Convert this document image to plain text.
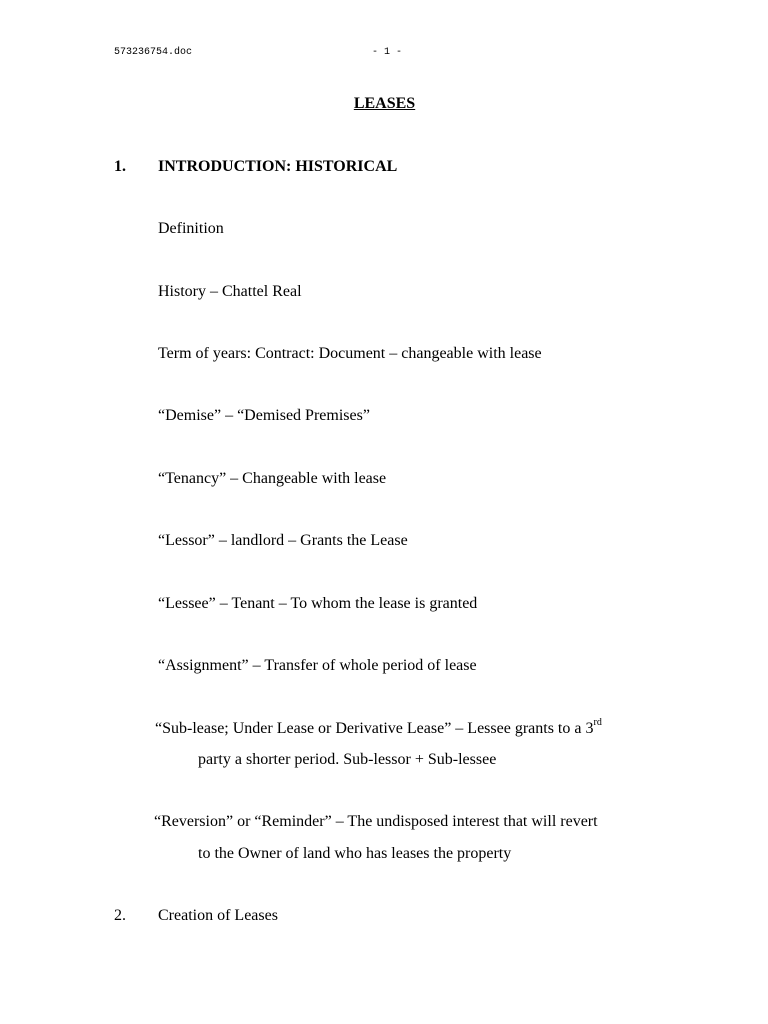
573236754.doc	- 1 -
LEASES
1. INTRODUCTION: HISTORICAL
Definition
History – Chattel Real
Term of years: Contract: Document – changeable with lease
“Demise” – “Demised Premises”
“Tenancy” – Changeable with lease
“Lessor” – landlord – Grants the Lease
“Lessee” – Tenant – To whom the lease is granted
“Assignment” – Transfer of whole period of lease
“Sub-lease; Under Lease or Derivative Lease” – Lessee grants to a 3rd
party a shorter period. Sub-lessor + Sub-lessee
“Reversion” or “Reminder” – The undisposed interest that will revert
to the Owner of land who has leases the property
2. Creation of Leases
